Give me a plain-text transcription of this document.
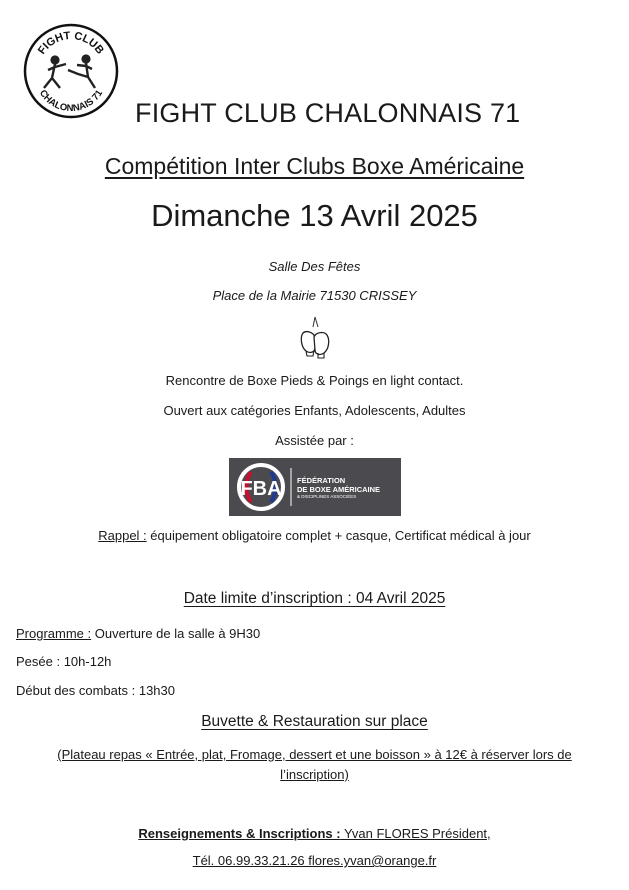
FIGHT CLUB
CHALONNAIS 71
FIGHT CLUB CHALONNAIS 71
Compétition Inter Clubs Boxe Américaine
Dimanche 13 Avril 2025
Salle Des Fêtes
Place de la Mairie 71530 CRISSEY
Rencontre de Boxe Pieds & Poings en light contact.
Ouvert aux catégories Enfants, Adolescents, Adultes
Assistée par :
FBA FÉDÉRATION
DE BOXE AMÉRICAINE
& DISCIPLINES ASSOCIÉES
Rappel : équipement obligatoire complet + casque, Certificat médical à jour
Date limite d’inscription : 04 Avril 2025
Programme : Ouverture de la salle à 9H30
Pesée : 10h-12h
Début des combats : 13h30
Buvette & Restauration sur place
(Plateau repas « Entrée, plat, Fromage, dessert et une boisson » à 12€ à réserver lors de
l’inscription)
Renseignements & Inscriptions : Yvan FLORES Président,
Tél. 06.99.33.21.26 flores.yvan@orange.fr
